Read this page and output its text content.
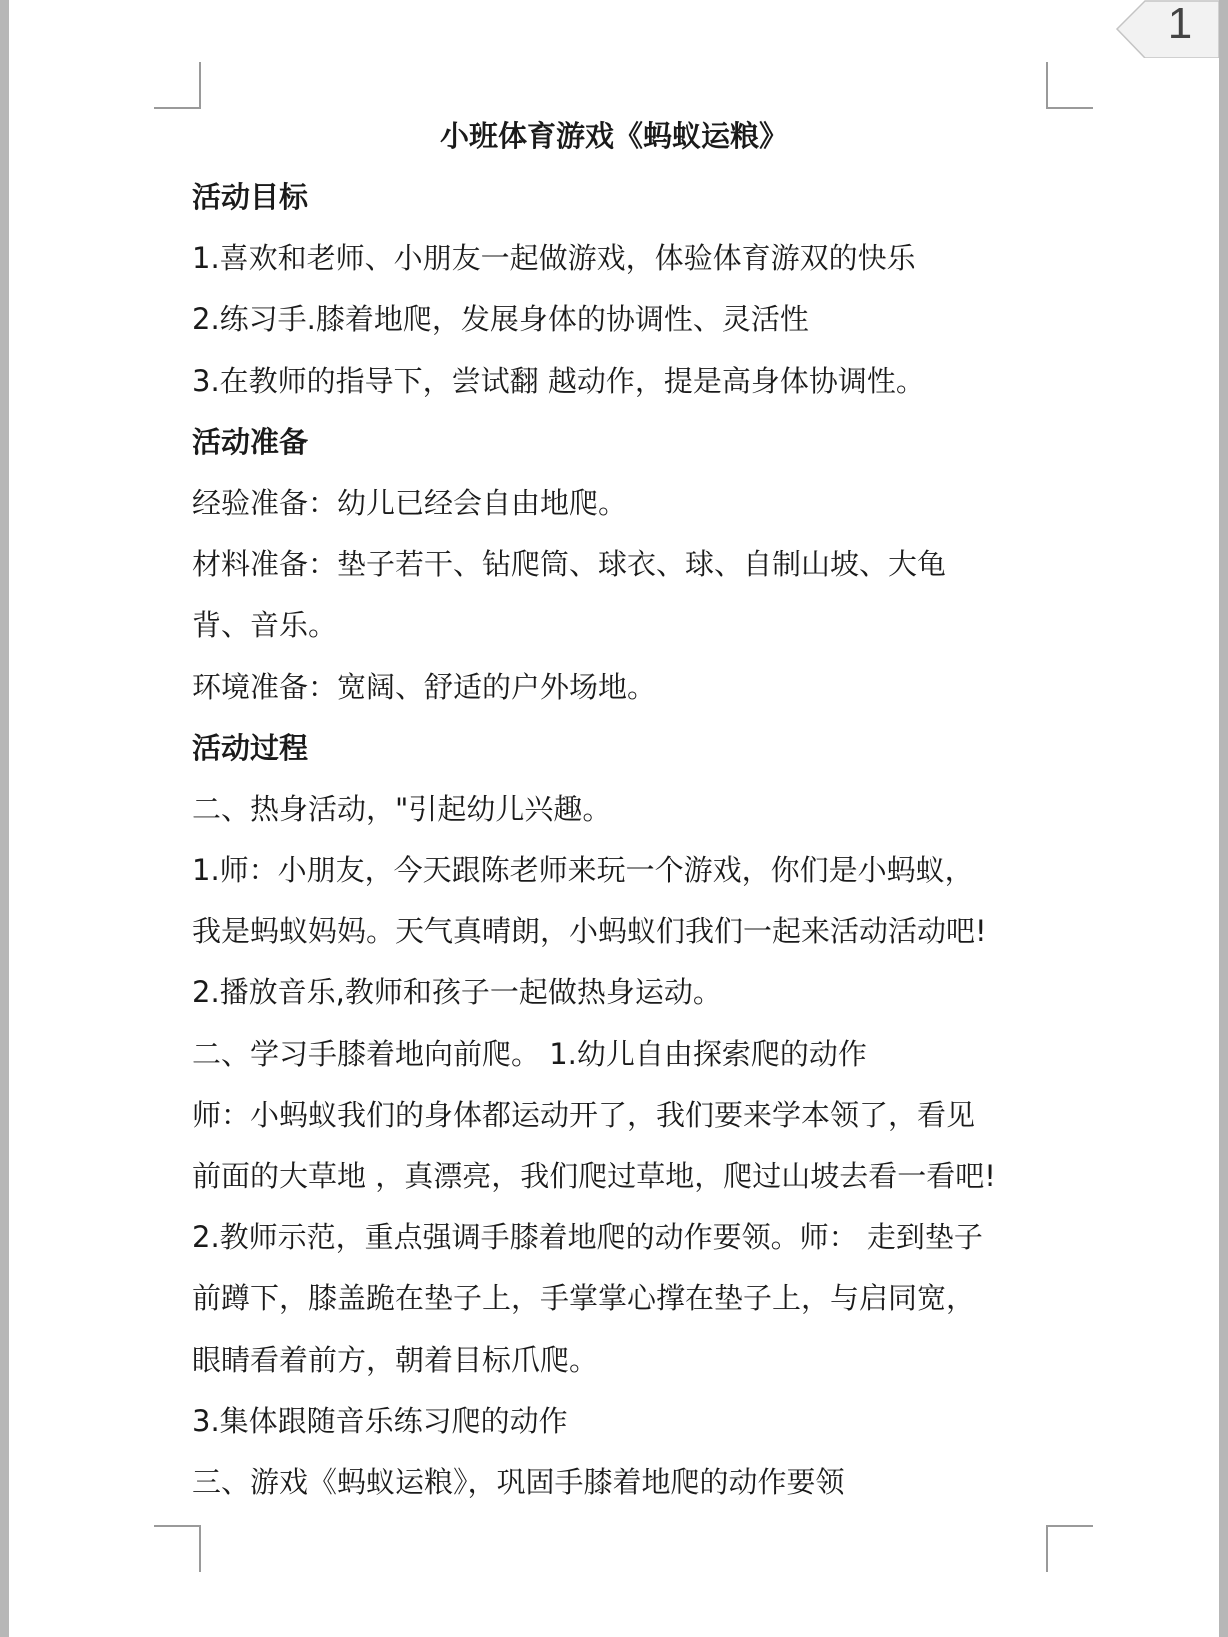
1
小班体育游戏《蚂蚁运粮》
活动目标
1.喜欢和老师、小朋友一起做游戏，体验体育游双的快乐
2.练习手.膝着地爬，发展身体的协调性、灵活性
3.在教师的指导下，尝试翻 越动作，提是高身体协调性。
活动准备
经验准备：幼儿已经会自由地爬。
材料准备：垫子若干、钻爬筒、球衣、球、自制山坡、大龟
背、音乐。
环境准备：宽阔、舒适的户外场地。
活动过程
二、热身活动，"引起幼儿兴趣。
1.师：小朋友，今天跟陈老师来玩一个游戏，你们是小蚂蚁，
我是蚂蚁妈妈。天气真晴朗，小蚂蚁们我们一起来活动活动吧!
2.播放音乐,教师和孩子一起做热身运动。
二、学习手膝着地向前爬。 1.幼儿自由探索爬的动作
师：小蚂蚁我们的身体都运动开了，我们要来学本领了，看见
前面的大草地 ，真漂亮，我们爬过草地，爬过山坡去看一看吧!
2.教师示范，重点强调手膝着地爬的动作要领。师： 走到垫子
前蹲下，膝盖跪在垫子上，手掌掌心撑在垫子上，与启同宽，
眼睛看着前方，朝着目标爪爬。
3.集体跟随音乐练习爬的动作
三、游戏《蚂蚁运粮》，巩固手膝着地爬的动作要领
